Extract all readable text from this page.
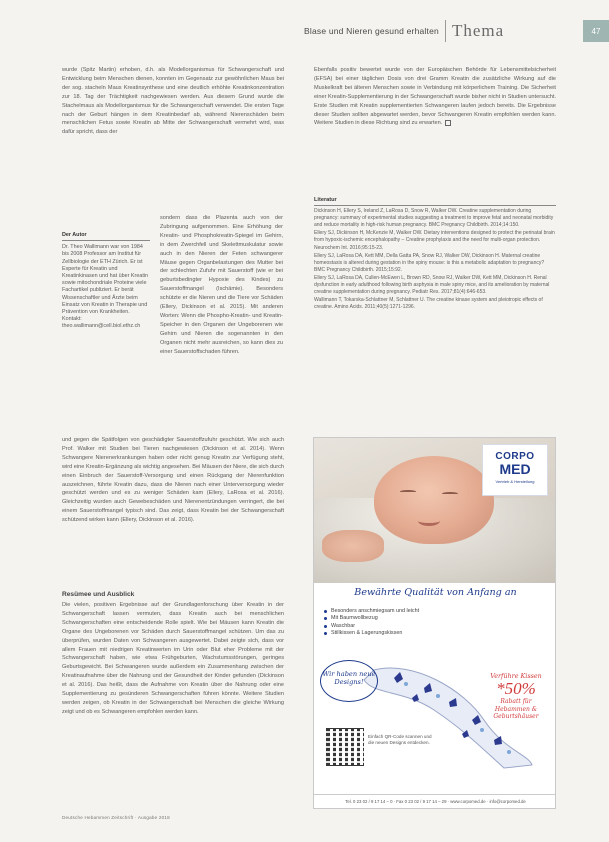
Blase und Nieren gesund erhalten Thema	47

wurde (Spitz Martin) erhoben, d.h. als Modellorganismus für Schwangerschaft und Entwicklung beim Menschen dienen, konnten im Gegensatz zur gewöhnlichen Maus bei der sog. stacheln Maus Kreatinsynthese und eine deutlich erhöhte Kreatinkonzentration zur 18. Tag der Trächtigkeit nachgewiesen werden. Aus diesem Grund wurde die Stachelmaus als Modellorganismus für die Schwangerschaft verwendet. Die ersten Tage nach der Geburt hängen in dem Kreatinbedarf ab, während Nierenschäden beim menschlichen Fetus sowie Kreatin ab Mitte der Schwangerschaft vermehrt wird, was dafür spricht, dass der

Der Autor
Dr. Theo Wallimann war von 1984 bis 2008 Professor am Institut für Zellbiologie der ETH Zürich. Er ist Experte für Kreatin und Kreatinkinasen und hat über Kreatin sowie mitochondriale Proteine viele Fachartikel publiziert. Er berät Wissenschaftler und Ärzte beim Einsatz von Kreatin in Therapie und Prävention von Krankheiten. Kontakt: theo.wallimann@cell.biol.ethz.ch

sondern dass die Plazenta auch von der Zubringung aufgenommen. Eine Erhöhung der Kreatin- und Phosphokreatin-Spiegel im Gehirn, in dem Zwerchfell und Skelettmuskulatur sowie auch in den Nieren der Feten schwangerer Mäuse gegen Organbelastungen des Mutter bei der schlechten Zufuhr mit Sauerstoff (wie er bei geburtsbedingter Hypoxie des Kindes) zu Sauerstoffmangel (Ischämie). Besonders schützte er die Nieren und die Tiere vor Schäden (Ellery, Dickinson et al. 2015). Mit anderen Worten: Wenn die Phospho-Kreatin- und Kreatin-Speicher in den Organen der Ungeborenen wie Gehirn und Nieren die sogenannten in den Organen nicht mehr ausreichen, so kann dies zu einer Sauerstoffschaden führen.

und gegen die Spätfolgen von geschädigter Sauerstoffzufuhr geschützt. Wie sich auch Prof. Walker mit Studien bei Tieren nachgewiesen (Dickinson et al. 2014). Wenn Schwangere Nierenerkrankungen haben oder nicht genug Kreatin zur Verfügung steht, wird eine Kreatin-Ergänzung als wichtig angesehen. Bei Mäusen der Niere, die sich durch einen Einbruch der Sauerstoff-Versorgung und einen Rückgang der Nierenfunktion auszeichnen, führte Kreatin dazu, dass die Nieren nach einer Unterversorgung wieder geschützt werden und es zu weniger Schäden kam (Ellery, LaRosa et al. 2016). Gleichzeitig wurden auch Gewebeschäden und Nierenentzündungen verringert, die bei einem Sauerstoffmangel typisch sind. Das zeigt, dass Kreatin bei der Schwangerschaft schützend wirken kann (Ellery, Dickinson et al. 2016).

Resümee und Ausblick

Die vielen, positiven Ergebnisse auf der Grundlagenforschung über Kreatin in der Schwangerschaft lassen vermuten, dass Kreatin auch bei menschlichen Schwangerschaften eine entscheidende Rolle spielt. Wie bei Mäusen kann Kreatin die Organe des Ungeborenen vor Schäden durch Sauerstoffmangel schützen. Um das zu überprüfen, wurden Daten von Schwangeren ausgewertet. Dabei zeigte sich, dass vor allem Frauen mit niedrigen Kreatinwerten im Urin oder Blut eher Probleme mit der Schwangerschaft haben, wie etwa Frühgeburten, Wachstumsstörungen, geringes Geburtsgewicht. Bei Schwangeren wurde außerdem ein Zusammenhang zwischen der Kreatinaufnahme über die Nahrung und der Gesundheit der Kinder gefunden (Dickinson et al. 2016). Das heißt, dass die Aufnahme von Kreatin über die Nahrung oder eine Supplementierung zu gesünderen Schwangerschaften führen könnte. Weitere Studien werden zeigen, ob Kreatin in der Schwangerschaft bei Menschen die gleiche Wirkung zeigt und ob es Schwangeren empfohlen werden kann.

Ebenfalls positiv bewertet wurde von der Europäischen Behörde für Lebensmittelsicherheit (EFSA) bei einer täglichen Dosis von drei Gramm Kreatin die zusätzliche Wirkung auf die Muskelkraft bei älteren Menschen sowie in Verbindung mit körperlichem Training. Die Sicherheit einer Kreatin-Supplementierung in der Schwangerschaft wurde bisher nicht in Studien untersucht. Erste Studien mit Kreatin supplementierten Schwangeren laufen jedoch bereits. Die Ergebnisse dieser Studien sollten abgewartet werden, bevor Schwangeren Kreatin empfohlen werden kann. Weitere Studien in diese Richtung sind zu erwarten.

Literatur

Dickinson H, Ellery S, Ireland Z, LaRosa D, Snow R, Walker DW. Creatine supplementation during pregnancy: summary of experimental studies suggesting a treatment to improve fetal and neonatal morbidity and reduce mortality in high-risk human pregnancy. BMC Pregnancy Childbirth. 2014;14:150.

Ellery SJ, Dickinson H, McKenzie M, Walker DW. Dietary interventions designed to protect the perinatal brain from hypoxic-ischemic encephalopathy – Creatine prophylaxis and the need for multi-organ protection. Neurochem Int. 2016;95:15-23.

Ellery SJ, LaRosa DA, Kett MM, Della Gatta PA, Snow RJ, Walker DW, Dickinson H. Maternal creatine homeostasis is altered during gestation in the spiny mouse: is this a metabolic adaptation to pregnancy? BMC Pregnancy Childbirth. 2015;15:92.

Ellery SJ, LaRosa DA, Cullen-McEwen L, Brown RD, Snow RJ, Walker DW, Kett MM, Dickinson H. Renal dysfunction in early adulthood following birth asphyxia in male spiny mice, and its amelioration by maternal creatine supplementation during pregnancy. Pediatr Res. 2017;81(4):646-653.

Wallimann T, Tokarska-Schlattner M, Schlattner U. The creatine kinase system and pleiotropic effects of creatine. Amino Acids. 2011;40(5):1271-1296.

CORPO
MED
Vertrieb & Herstellung
Bewährte Qualität von Anfang an
Besonders anschmiegsam und leicht
Mit Baumwollbezug
Waschbar
Stillkissen & Lagerungskissen
Wir haben neue Designs!
Verführe Kissen
*50%
Rabatt für Hebammen & Geburtshäuser
Einfach QR-Code scannen und die neuen Designs entdecken.
Tel. 0 23 02 / 9 17 14 – 0 · Fax 0 23 02 / 9 17 14 – 29 · www.corpomed.de · info@corpomed.de
Deutsche Hebammen Zeitschrift · Ausgabe 2018
